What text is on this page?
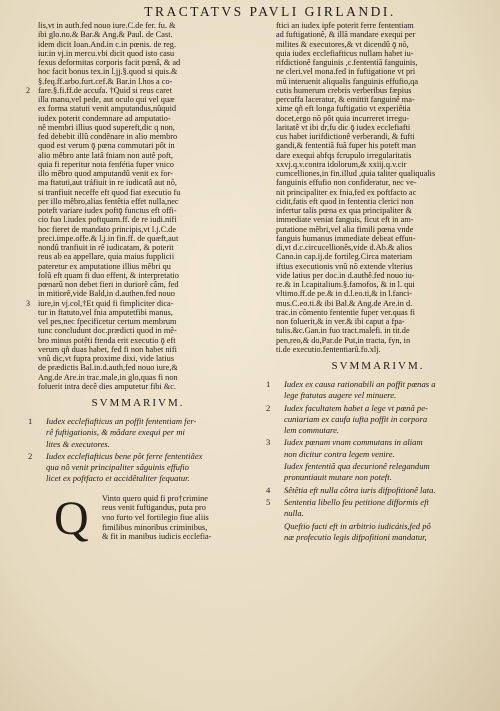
TRACTATVS PAVLI GIRLANDI.
lis,vt in auth.fed nouo iure.C.de fer. fu. &
ibi glo.no.& Bar.& Ang.& Paul. de Cast.
idem dicit Ioan.And.in c.in pœnis. de reg.
iur.in vj.in mercu.vbi dicit quod isto casu
fexus deformitas corporis facit pœnâ, & ad
hoc facit bonus tex.in l.jj.§.quod si quis.&
§.feq.ff.arbo.furt.cef.& Bar.in l.hos a co-
2 fare.§.fi.ff.de accufa. †Quid si reus caret
illa manu,vel pede, aut oculo qui vel quæ
ex forma statuti venit amputandus,nûquid
iudex poterit condemnare ad amputatio-
nê membri illius quod supereft,dic q non,
fed debebit illû condênare in alio membro
quod est verum ǭ pœna commutari pôt in
alio mêbro ante latâ fniam non autê poft,
quia fi reperitur nota fenfétia fuper vnico
illo mêbro quod amputandû venit ex for-
ma ftatuti,aut tráfiuit in re iudicatâ aut nõ,
si tranfiuit neceffe eft quod fiat executio fu
per illo mêbro,alias fentêtia effet nulla,nec
poteft variare iudex poftǭ functus eft offi-
cio fuo l.iudex poftquam.ff. de re iudi.nifi
hoc fieret de mandato principis,vt l.j.C.de
preci.impe.offe.& l.j.in fin.ff. de quæft,aut
nondû tranfiuit in rê iudicatam, & poterit
reus ab ea appellare, quia maius fupplicii
pateretur ex amputatione illius mêbri qu
folû eft quam fi duo effent, & interpretatio
pœnarû non debet fieri in duriorê câm, fed
in mitiorê,vide Bald,in d.authen.fed nouo
3 iure,in vj.col,†Et quid fi fimpliciter dica-
tur in ftatuto,vel fnia amputetfibi manus,
vel pes,nec fpecificetur certum membrum
tunc concludunt doc.prædicti quod in mê-
bro minus potêti ftenda erit executio ǭ eft
verum qñ duas habet, fed fi non habet nifi
vnû dic,vt fupra proxime dixi, vide latius
de prædictis Bal.in.d.auth,fed nouo iure,&
Ang.de Are.in trac.male,in glo,quas fi non
foluerit intra decê dies amputetur fibi &c.
SVMMARIVM.
1 Iudex ecclefiafticus an poffit fententiam fer-
rê fuftigationis, & mâdare exequi per mi
lites & executores.
2 Iudex ecclefiafticus bene pôt ferre fententiâex
qua nô venit principaliter sãguinis effufio
licet ex poftfacto et accidêtaliter fequatur.
Q	Vinto quero quid fi pro†crimine
reus venit fuftigandus, puta pro
vno furto vel fortilegio fiue aliis
fimilibus minoribus criminibus,
& fit in manibus iudicis ecclefia-
ftici an iudex ipfe poterit ferre fententiam
ad fuftigationê, & illã mandare exequi per
milites & executores,& vt dicendû ǭ nõ,
quia iudex ecclefiafticus nullam habet iu-
rifdictionê fanguinis ,c.fententiã fanguinis,
ne cleri.vel mona.fed in fuftigatione vt pri
mû interuenit aliqualis fanguinis effufio,qa
cutis humerum crebris verberibus fæpius
percuffa laceratur, & emittit fanguinê ma-
xime qñ eft longa fuftigatio vt experiêtia
docet,ergo nõ pôt quia incurreret irregu-
laritatê vt ibi dr,fu dic ǭ iudex ecclefiafti
cus habet iurifdictionê verberandi, & fufti
gandi,& fententiã fuã fuper his poteft man
dare exequi abfqs fcrupulo irregularitatis
xxvj.q.v.contra idolorum,& xxiij.q.v.cir
cumcelliones,in fin.illud ,quia taliter qualiqualis
fanguinis effufio non confideratur, nec ve-
nit principaliter ex fnia,fed ex poftfacto ac
cidit,fatis eft quod in fententia clerici non
infertur talis pœna ex qua principaliter &
immediate veniat fanguis, ficut eft in am-
putatione mêbri,vel alia fimili pœna vnde
fanguis humanus immediate debeat effun-
di,vt d.c.circucellionês,vide d.Ab.& alios
Cano.in cap.ij.de fortileg.Circa materiam
iftius executionis vnû nõ extende vlterius
vide latius per doc.in d.authê.fed nouo iu-
re.& in l.capitalium.§.famofos, & in l. qui
vltimo.ff.de pe.& in d.l.eo.ti,& in l.fanci-
mus.C.eo.ti.& ibi Bal.& Ang.de Are.in d.
trac.in cõmento fententie fuper ver.quas fi
non foluerit,& in ver.& ibi caput a fpa-
tulis.&c.Gan.in fuo tract.malefi. in tit.de
pen,reo,& do,Par.de Put,in tracta, fyn, in
ti.de executio.fententiarû.fo.xlj.
SVMMARIVM.
1 Iudex ex causa rationabili an poffit pœnas a
lege ftatutas augere vel minuere.
2 Iudex facultatem habet a lege vt pœnâ pe-
cuniariam ex caufa iufta poffit in corpora
lem commutare.
3 Iudex pœnam vnam commutans in aliam
non dicitur contra legem venire.
Iudex fententiã qua decurionê relegandum
pronuntiauit mutare non poteft.
4 Sêtêtia eft nulla côtra iuris difpofitionê lata.
5 Sententia libello feu petitione difformis eft
nulla.
Queftio facti eft in arbitrio iudicátis,fed põ
næ profecutio legis difpofitioni mandatur,
